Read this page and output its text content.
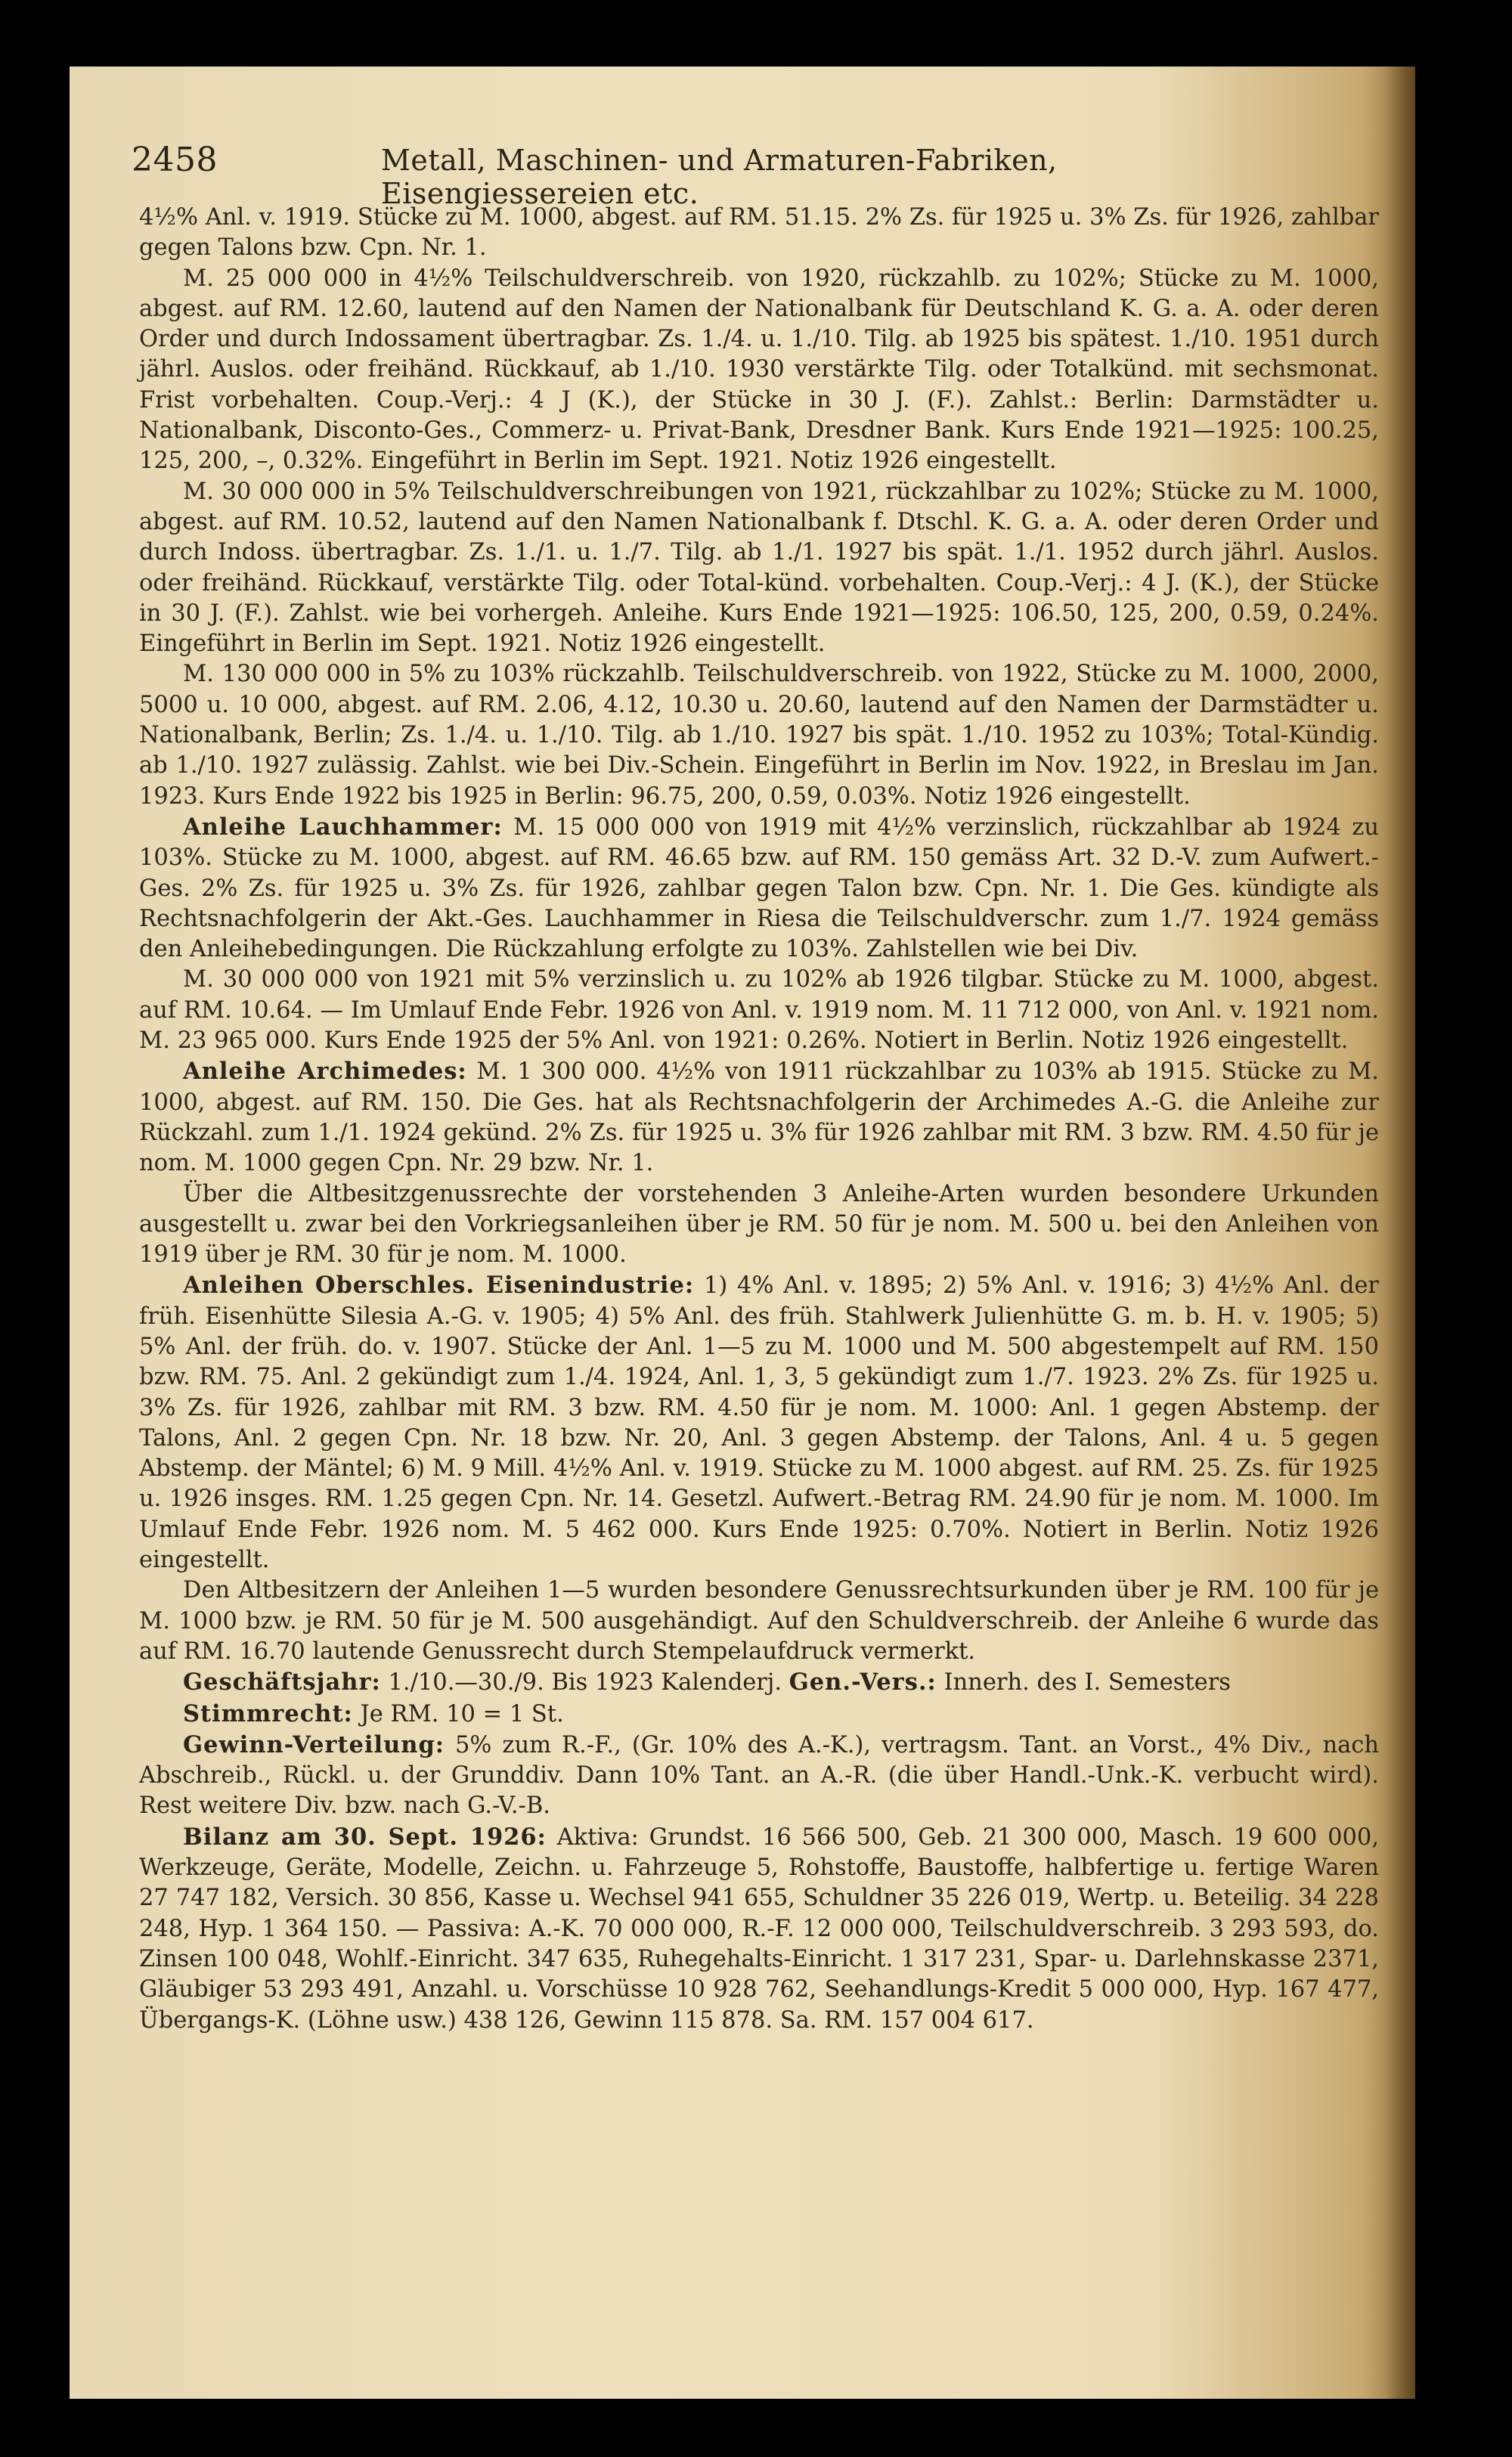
2458	Metall, Maschinen- und Armaturen-Fabriken, Eisengiessereien etc.

4½% Anl. v. 1919. Stücke zu M. 1000, abgest. auf RM. 51.15. 2% Zs. für 1925 u. 3% Zs. für 1926, zahlbar gegen Talons bzw. Cpn. Nr. 1.

M. 25 000 000 in 4½% Teilschuldverschreib. von 1920, rückzahlb. zu 102%; Stücke zu M. 1000, abgest. auf RM. 12.60, lautend auf den Namen der Nationalbank für Deutschland K. G. a. A. oder deren Order und durch Indossament übertragbar. Zs. 1./4. u. 1./10. Tilg. ab 1925 bis spätest. 1./10. 1951 durch jährl. Auslos. oder freihänd. Rückkauf, ab 1./10. 1930 verstärkte Tilg. oder Totalkünd. mit sechsmonat. Frist vorbehalten. Coup.-Verj.: 4 J (K.), der Stücke in 30 J. (F.). Zahlst.: Berlin: Darmstädter u. Nationalbank, Disconto-Ges., Commerz- u. Privat-Bank, Dresdner Bank. Kurs Ende 1921—1925: 100.25, 125, 200, –, 0.32%. Eingeführt in Berlin im Sept. 1921. Notiz 1926 eingestellt.

M. 30 000 000 in 5% Teilschuldverschreibungen von 1921, rückzahlbar zu 102%; Stücke zu M. 1000, abgest. auf RM. 10.52, lautend auf den Namen Nationalbank f. Dtschl. K. G. a. A. oder deren Order und durch Indoss. übertragbar. Zs. 1./1. u. 1./7. Tilg. ab 1./1. 1927 bis spät. 1./1. 1952 durch jährl. Auslos. oder freihänd. Rückkauf, verstärkte Tilg. oder Total-künd. vorbehalten. Coup.-Verj.: 4 J. (K.), der Stücke in 30 J. (F.). Zahlst. wie bei vorhergeh. Anleihe. Kurs Ende 1921—1925: 106.50, 125, 200, 0.59, 0.24%. Eingeführt in Berlin im Sept. 1921. Notiz 1926 eingestellt.

M. 130 000 000 in 5% zu 103% rückzahlb. Teilschuldverschreib. von 1922, Stücke zu M. 1000, 2000, 5000 u. 10 000, abgest. auf RM. 2.06, 4.12, 10.30 u. 20.60, lautend auf den Namen der Darmstädter u. Nationalbank, Berlin; Zs. 1./4. u. 1./10. Tilg. ab 1./10. 1927 bis spät. 1./10. 1952 zu 103%; Total-Kündig. ab 1./10. 1927 zulässig. Zahlst. wie bei Div.-Schein. Eingeführt in Berlin im Nov. 1922, in Breslau im Jan. 1923. Kurs Ende 1922 bis 1925 in Berlin: 96.75, 200, 0.59, 0.03%. Notiz 1926 eingestellt.

Anleihe Lauchhammer: M. 15 000 000 von 1919 mit 4½% verzinslich, rückzahlbar ab 1924 zu 103%. Stücke zu M. 1000, abgest. auf RM. 46.65 bzw. auf RM. 150 gemäss Art. 32 D.-V. zum Aufwert.-Ges. 2% Zs. für 1925 u. 3% Zs. für 1926, zahlbar gegen Talon bzw. Cpn. Nr. 1. Die Ges. kündigte als Rechtsnachfolgerin der Akt.-Ges. Lauchhammer in Riesa die Teilschuldverschr. zum 1./7. 1924 gemäss den Anleihebedingungen. Die Rückzahlung erfolgte zu 103%. Zahlstellen wie bei Div.

M. 30 000 000 von 1921 mit 5% verzinslich u. zu 102% ab 1926 tilgbar. Stücke zu M. 1000, abgest. auf RM. 10.64. — Im Umlauf Ende Febr. 1926 von Anl. v. 1919 nom. M. 11 712 000, von Anl. v. 1921 nom. M. 23 965 000. Kurs Ende 1925 der 5% Anl. von 1921: 0.26%. Notiert in Berlin. Notiz 1926 eingestellt.

Anleihe Archimedes: M. 1 300 000. 4½% von 1911 rückzahlbar zu 103% ab 1915. Stücke zu M. 1000, abgest. auf RM. 150. Die Ges. hat als Rechtsnachfolgerin der Archimedes A.-G. die Anleihe zur Rückzahl. zum 1./1. 1924 gekünd. 2% Zs. für 1925 u. 3% für 1926 zahlbar mit RM. 3 bzw. RM. 4.50 für je nom. M. 1000 gegen Cpn. Nr. 29 bzw. Nr. 1.

Über die Altbesitzgenussrechte der vorstehenden 3 Anleihe-Arten wurden besondere Urkunden ausgestellt u. zwar bei den Vorkriegsanleihen über je RM. 50 für je nom. M. 500 u. bei den Anleihen von 1919 über je RM. 30 für je nom. M. 1000.

Anleihen Oberschles. Eisenindustrie: 1) 4% Anl. v. 1895; 2) 5% Anl. v. 1916; 3) 4½% Anl. der früh. Eisenhütte Silesia A.-G. v. 1905; 4) 5% Anl. des früh. Stahlwerk Julienhütte G. m. b. H. v. 1905; 5) 5% Anl. der früh. do. v. 1907. Stücke der Anl. 1—5 zu M. 1000 und M. 500 abgestempelt auf RM. 150 bzw. RM. 75. Anl. 2 gekündigt zum 1./4. 1924, Anl. 1, 3, 5 gekündigt zum 1./7. 1923. 2% Zs. für 1925 u. 3% Zs. für 1926, zahlbar mit RM. 3 bzw. RM. 4.50 für je nom. M. 1000: Anl. 1 gegen Abstemp. der Talons, Anl. 2 gegen Cpn. Nr. 18 bzw. Nr. 20, Anl. 3 gegen Abstemp. der Talons, Anl. 4 u. 5 gegen Abstemp. der Mäntel; 6) M. 9 Mill. 4½% Anl. v. 1919. Stücke zu M. 1000 abgest. auf RM. 25. Zs. für 1925 u. 1926 insges. RM. 1.25 gegen Cpn. Nr. 14. Gesetzl. Aufwert.-Betrag RM. 24.90 für je nom. M. 1000. Im Umlauf Ende Febr. 1926 nom. M. 5 462 000. Kurs Ende 1925: 0.70%. Notiert in Berlin. Notiz 1926 eingestellt.

Den Altbesitzern der Anleihen 1—5 wurden besondere Genussrechtsurkunden über je RM. 100 für je M. 1000 bzw. je RM. 50 für je M. 500 ausgehändigt. Auf den Schuldverschreib. der Anleihe 6 wurde das auf RM. 16.70 lautende Genussrecht durch Stempelaufdruck vermerkt.

Geschäftsjahr: 1./10.—30./9. Bis 1923 Kalenderj. Gen.-Vers.: Innerh. des I. Semesters

Stimmrecht: Je RM. 10 = 1 St.

Gewinn-Verteilung: 5% zum R.-F., (Gr. 10% des A.-K.), vertragsm. Tant. an Vorst., 4% Div., nach Abschreib., Rückl. u. der Grunddiv. Dann 10% Tant. an A.-R. (die über Handl.-Unk.-K. verbucht wird). Rest weitere Div. bzw. nach G.-V.-B.

Bilanz am 30. Sept. 1926: Aktiva: Grundst. 16 566 500, Geb. 21 300 000, Masch. 19 600 000, Werkzeuge, Geräte, Modelle, Zeichn. u. Fahrzeuge 5, Rohstoffe, Baustoffe, halbfertige u. fertige Waren 27 747 182, Versich. 30 856, Kasse u. Wechsel 941 655, Schuldner 35 226 019, Wertp. u. Beteilig. 34 228 248, Hyp. 1 364 150. — Passiva: A.-K. 70 000 000, R.-F. 12 000 000, Teilschuldverschreib. 3 293 593, do. Zinsen 100 048, Wohlf.-Einricht. 347 635, Ruhegehalts-Einricht. 1 317 231, Spar- u. Darlehnskasse 2371, Gläubiger 53 293 491, Anzahl. u. Vorschüsse 10 928 762, Seehandlungs-Kredit 5 000 000, Hyp. 167 477, Übergangs-K. (Löhne usw.) 438 126, Gewinn 115 878. Sa. RM. 157 004 617.
